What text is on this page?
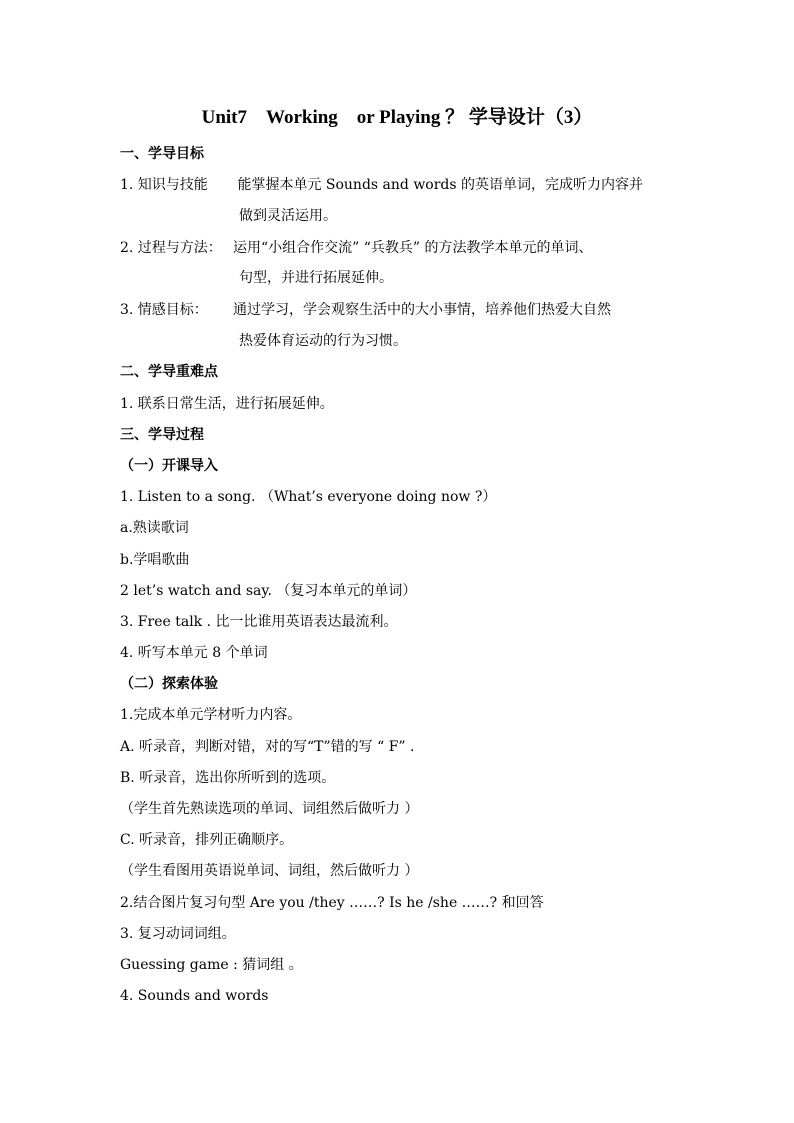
Unit7　Working　or Playing ？ 学导设计（3）
一、学导目标
1. 知识与技能 能掌握本单元 Sounds and words 的英语单词，完成听力内容并
做到灵活运用。
2. 过程与方法： 运用“小组合作交流” “兵教兵” 的方法教学本单元的单词、
句型，并进行拓展延伸。
3. 情感目标： 通过学习，学会观察生活中的大小事情，培养他们热爱大自然
热爱体育运动的行为习惯。
二、学导重难点
1. 联系日常生活，进行拓展延伸。
三、学导过程
（一）开课导入
1. Listen to a song. （What’s everyone doing now ?）
a.熟读歌词
b.学唱歌曲
2 let’s watch and say. （复习本单元的单词）
3. Free talk . 比一比谁用英语表达最流利。
4. 听写本单元 8 个单词
（二）探索体验
1.完成本单元学材听力内容。
A. 听录音，判断对错，对的写“T”错的写 “ F” .
B. 听录音，选出你所听到的选项。
（学生首先熟读选项的单词、词组然后做听力 ）
C. 听录音，排列正确顺序。
（学生看图用英语说单词、词组，然后做听力 ）
2.结合图片复习句型 Are you /they ……? Is he /she ……? 和回答
3. 复习动词词组。
Guessing game : 猜词组 。
4. Sounds and words
